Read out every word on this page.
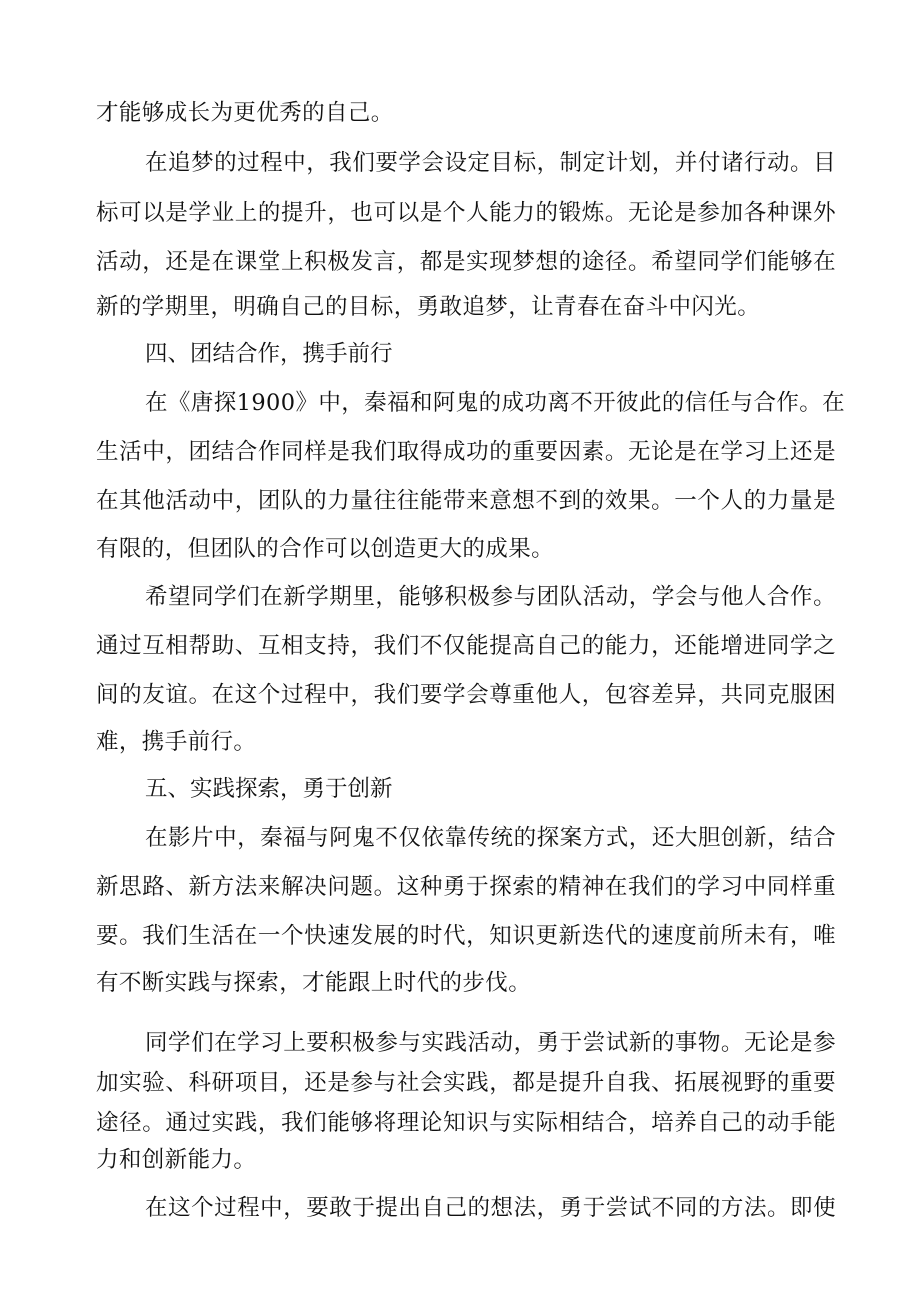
才能够成长为更优秀的自己。
在追梦的过程中，我们要学会设定目标，制定计划，并付诸行动。目
标可以是学业上的提升，也可以是个人能力的锻炼。无论是参加各种课外
活动，还是在课堂上积极发言，都是实现梦想的途径。希望同学们能够在
新的学期里，明确自己的目标，勇敢追梦，让青春在奋斗中闪光。
四、团结合作，携手前行
在《唐探1900》中，秦福和阿鬼的成功离不开彼此的信任与合作。在
生活中，团结合作同样是我们取得成功的重要因素。无论是在学习上还是
在其他活动中，团队的力量往往能带来意想不到的效果。一个人的力量是
有限的，但团队的合作可以创造更大的成果。
希望同学们在新学期里，能够积极参与团队活动，学会与他人合作。
通过互相帮助、互相支持，我们不仅能提高自己的能力，还能增进同学之
间的友谊。在这个过程中，我们要学会尊重他人，包容差异，共同克服困
难，携手前行。
五、实践探索，勇于创新
在影片中，秦福与阿鬼不仅依靠传统的探案方式，还大胆创新，结合
新思路、新方法来解决问题。这种勇于探索的精神在我们的学习中同样重
要。我们生活在一个快速发展的时代，知识更新迭代的速度前所未有，唯
有不断实践与探索，才能跟上时代的步伐。
同学们在学习上要积极参与实践活动，勇于尝试新的事物。无论是参
加实验、科研项目，还是参与社会实践，都是提升自我、拓展视野的重要
途径。通过实践，我们能够将理论知识与实际相结合，培养自己的动手能
力和创新能力。
在这个过程中，要敢于提出自己的想法，勇于尝试不同的方法。即使
